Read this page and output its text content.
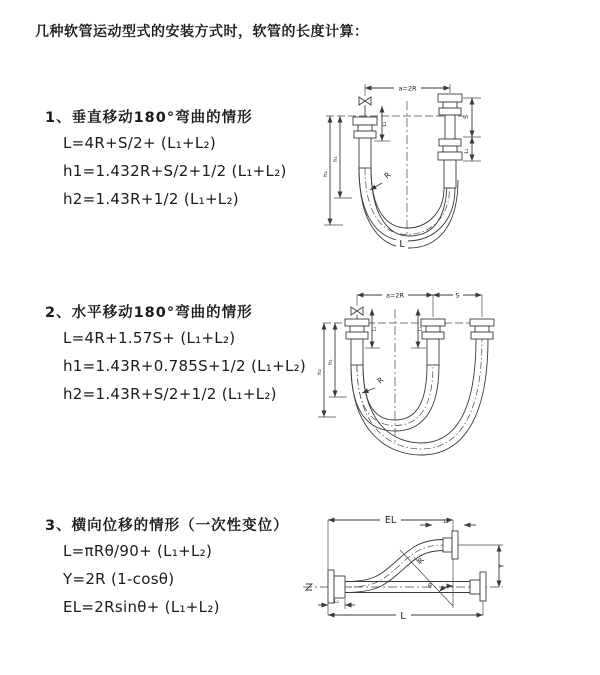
几种软管运动型式的安装方式时，软管的长度计算：
1、垂直移动180°弯曲的情形
L=4R+S/2+ (L₁+L₂)
h1=1.432R+S/2+1/2 (L₁+L₂)
h2=1.43R+1/2 (L₁+L₂)
2、水平移动180°弯曲的情形
L=4R+1.57S+ (L₁+L₂)
h1=1.43R+0.785S+1/2 (L₁+L₂)
h2=1.43R+S/2+1/2 (L₁+L₂)
3、横向位移的情形（一次性变位）
L=πRθ/90+ (L₁+L₂)
Y=2R (1-cosθ)
EL=2Rsinθ+ (L₁+L₂)
a=2R
S
L₁
L₁
h₁
h₂	R
L
a=2R	S
L₁	L₁
h₁
h₂
R
EL	L₁
Y
R
θ
L
L₁
